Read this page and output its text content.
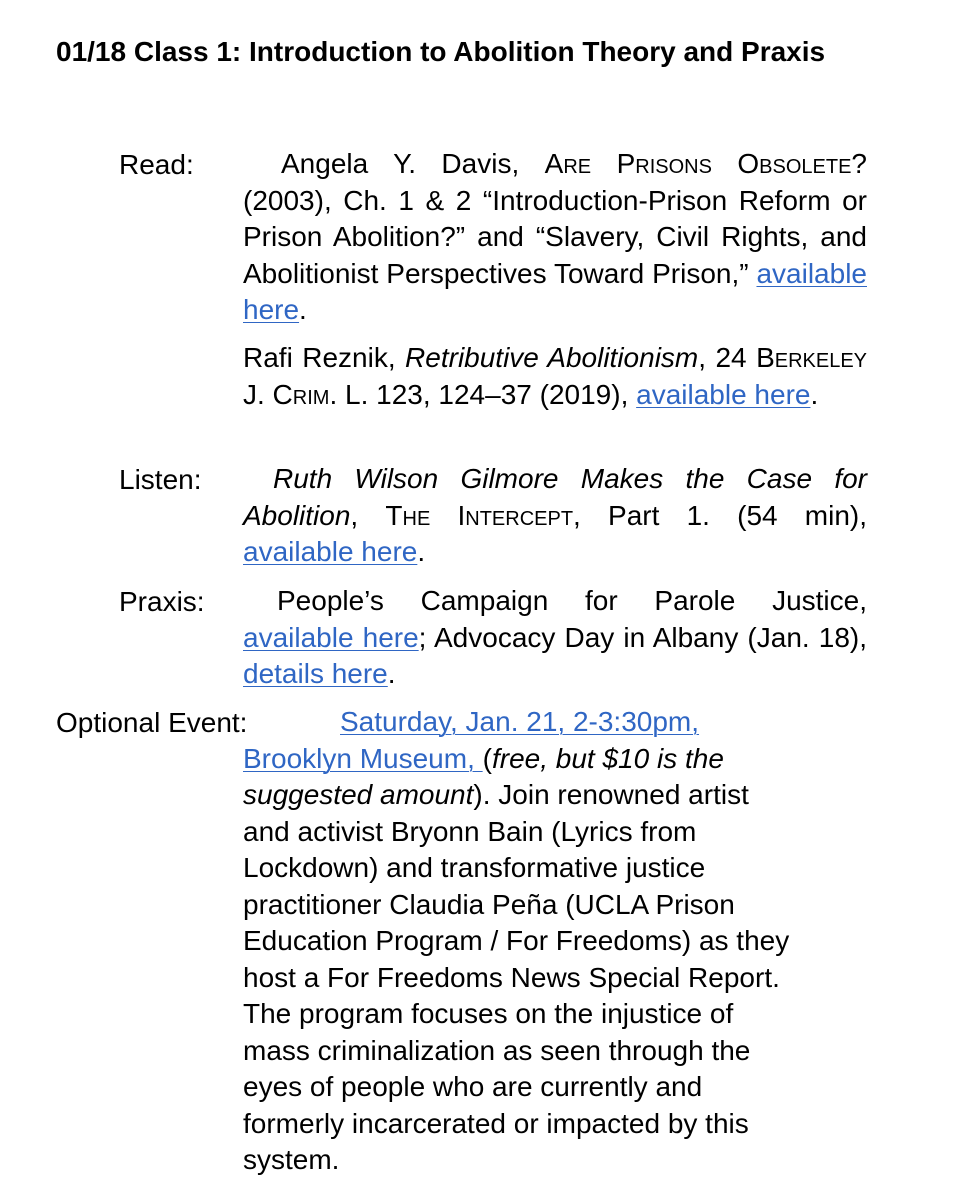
01/18 Class 1: Introduction to Abolition Theory and Praxis
Read:	Angela Y. Davis, Are Prisons Obsolete? (2003), Ch. 1 & 2 “Introduction-Prison Reform or Prison Abolition?” and “Slavery, Civil Rights, and Abolitionist Perspectives Toward Prison,” available here.
Rafi Reznik, Retributive Abolitionism, 24 Berkeley J. Crim. L. 123, 124–37 (2019), available here.
Listen:	Ruth Wilson Gilmore Makes the Case for Abolition, The Intercept, Part 1. (54 min), available here.
Praxis:	People’s Campaign for Parole Justice, available here; Advocacy Day in Albany (Jan. 18), details here.
Optional Event:	Saturday, Jan. 21, 2-3:30pm,
Brooklyn Museum, (free, but $10 is the
suggested amount). Join renowned artist
and activist Bryonn Bain (Lyrics from
Lockdown) and transformative justice
practitioner Claudia Peña (UCLA Prison
Education Program / For Freedoms) as they
host a For Freedoms News Special Report.
The program focuses on the injustice of
mass criminalization as seen through the
eyes of people who are currently and
formerly incarcerated or impacted by this
system.
